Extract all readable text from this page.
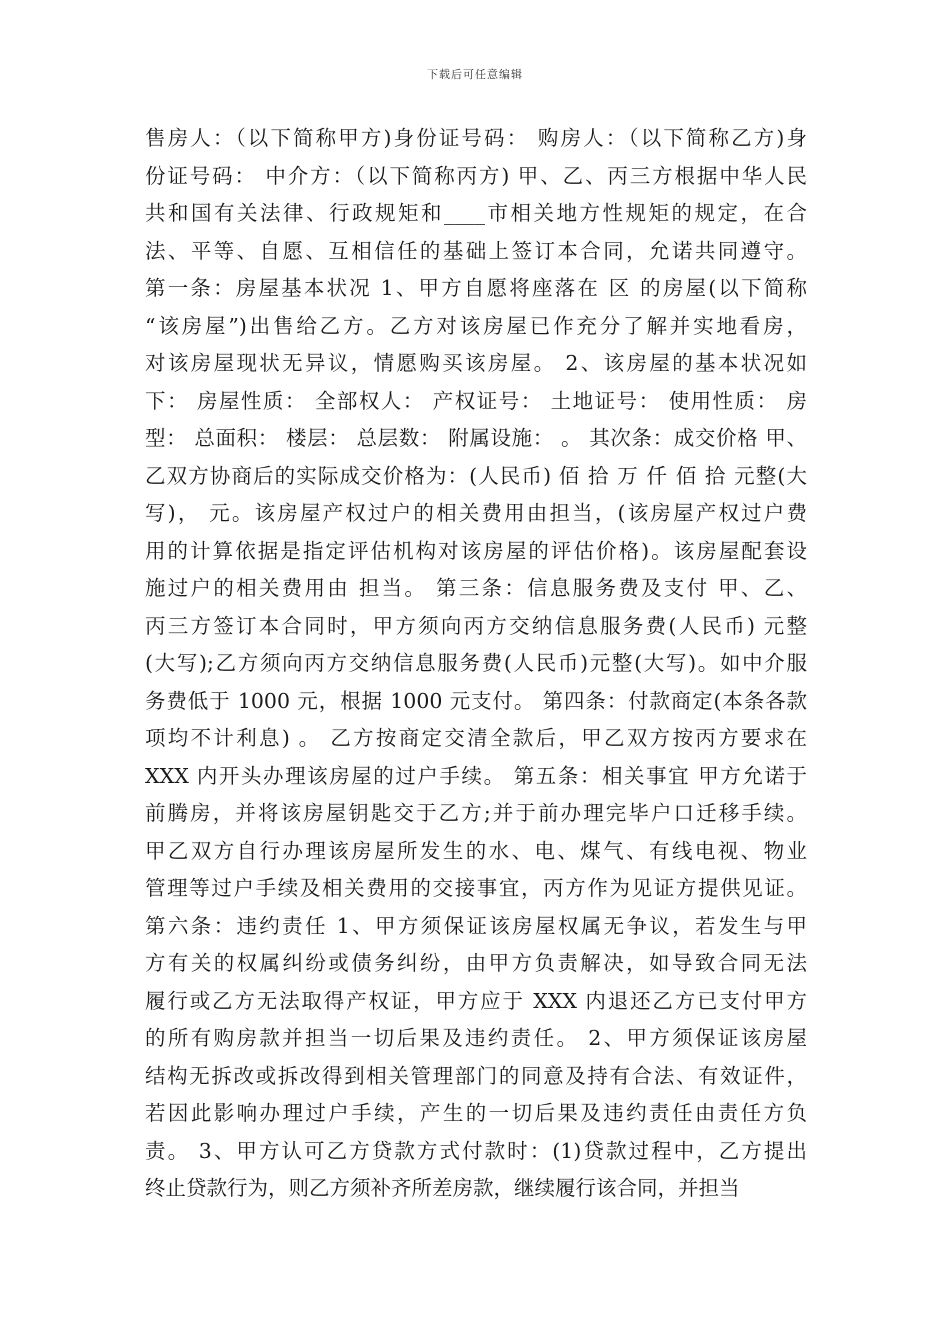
下载后可任意编辑
售房人：（以下简称甲方)身份证号码： 购房人：（以下简称乙方)身
份证号码： 中介方：（以下简称丙方) 甲、乙、丙三方根据中华人民
共和国有关法律、行政规矩和____市相关地方性规矩的规定，在合
法、平等、自愿、互相信任的基础上签订本合同，允诺共同遵守。
第一条：房屋基本状况 1、甲方自愿将座落在 区 的房屋(以下简称
“该房屋”)出售给乙方。乙方对该房屋已作充分了解并实地看房，
对该房屋现状无异议，情愿购买该房屋。 2、该房屋的基本状况如
下： 房屋性质： 全部权人： 产权证号： 土地证号： 使用性质： 房
型： 总面积： 楼层： 总层数： 附属设施： 。 其次条：成交价格 甲、
乙双方协商后的实际成交价格为：(人民币) 佰 拾 万 仟 佰 拾 元整(大
写)， 元。该房屋产权过户的相关费用由担当，(该房屋产权过户费
用的计算依据是指定评估机构对该房屋的评估价格)。该房屋配套设
施过户的相关费用由 担当。 第三条：信息服务费及支付 甲、乙、
丙三方签订本合同时，甲方须向丙方交纳信息服务费(人民币) 元整
(大写);乙方须向丙方交纳信息服务费(人民币)元整(大写)。如中介服
务费低于 1000 元，根据 1000 元支付。 第四条：付款商定(本条各款
项均不计利息) 。 乙方按商定交清全款后，甲乙双方按丙方要求在
XXX 内开头办理该房屋的过户手续。 第五条：相关事宜 甲方允诺于
前腾房，并将该房屋钥匙交于乙方;并于前办理完毕户口迁移手续。
甲乙双方自行办理该房屋所发生的水、电、煤气、有线电视、物业
管理等过户手续及相关费用的交接事宜，丙方作为见证方提供见证。
第六条：违约责任 1、甲方须保证该房屋权属无争议，若发生与甲
方有关的权属纠纷或债务纠纷，由甲方负责解决，如导致合同无法
履行或乙方无法取得产权证，甲方应于 XXX 内退还乙方已支付甲方
的所有购房款并担当一切后果及违约责任。 2、甲方须保证该房屋
结构无拆改或拆改得到相关管理部门的同意及持有合法、有效证件，
若因此影响办理过户手续，产生的一切后果及违约责任由责任方负
责。 3、甲方认可乙方贷款方式付款时：(1)贷款过程中，乙方提出
终止贷款行为，则乙方须补齐所差房款，继续履行该合同，并担当
